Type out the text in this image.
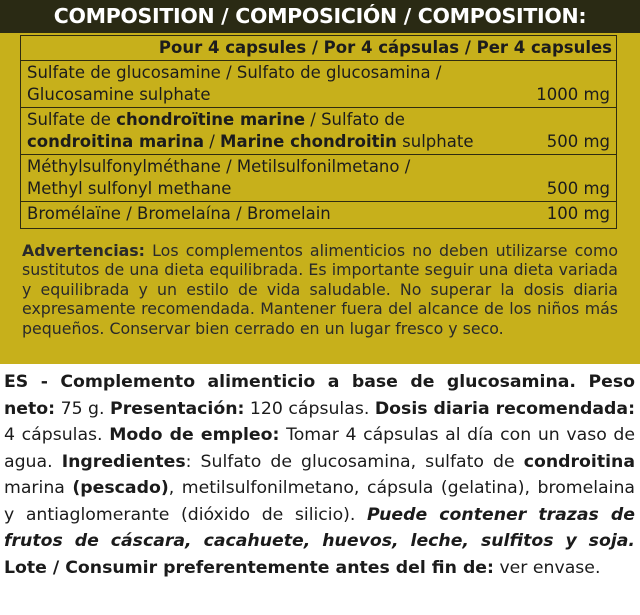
COMPOSITION / COMPOSICIÓN / COMPOSITION:
Pour 4 capsules / Por 4 cápsulas / Per 4 capsules
Sulfate de glucosamine / Sulfato de glucosamina /
Glucosamine sulphate	1000 mg
Sulfate de chondroïtine marine / Sulfato de
condroitina marina / Marine chondroitin sulphate	500 mg
Méthylsulfonylméthane / Metilsulfonilmetano /
Methyl sulfonyl methane	500 mg
Bromélaïne / Bromelaína / Bromelain	100 mg
Advertencias: Los complementos alimenticios no deben utilizarse como sustitutos de una dieta equilibrada. Es importante seguir una dieta variada y equilibrada y un estilo de vida saludable. No superar la dosis diaria expresamente recomendada. Mantener fuera del alcance de los niños más pequeños. Conservar bien cerrado en un lugar fresco y seco.
ES - Complemento alimenticio a base de glucosamina. Peso neto: 75 g. Presentación: 120 cápsulas. Dosis diaria recomendada: 4 cápsulas. Modo de empleo: Tomar 4 cápsulas al día con un vaso de agua. Ingredientes: Sulfato de glucosamina, sulfato de condroitina marina (pescado), metilsulfonilmetano, cápsula (gelatina), bromelaina y antiaglomerante (dióxido de silicio). Puede contener trazas de frutos de cáscara, cacahuete, huevos, leche, sulfitos y soja. Lote / Consumir preferentemente antes del fin de: ver envase.
